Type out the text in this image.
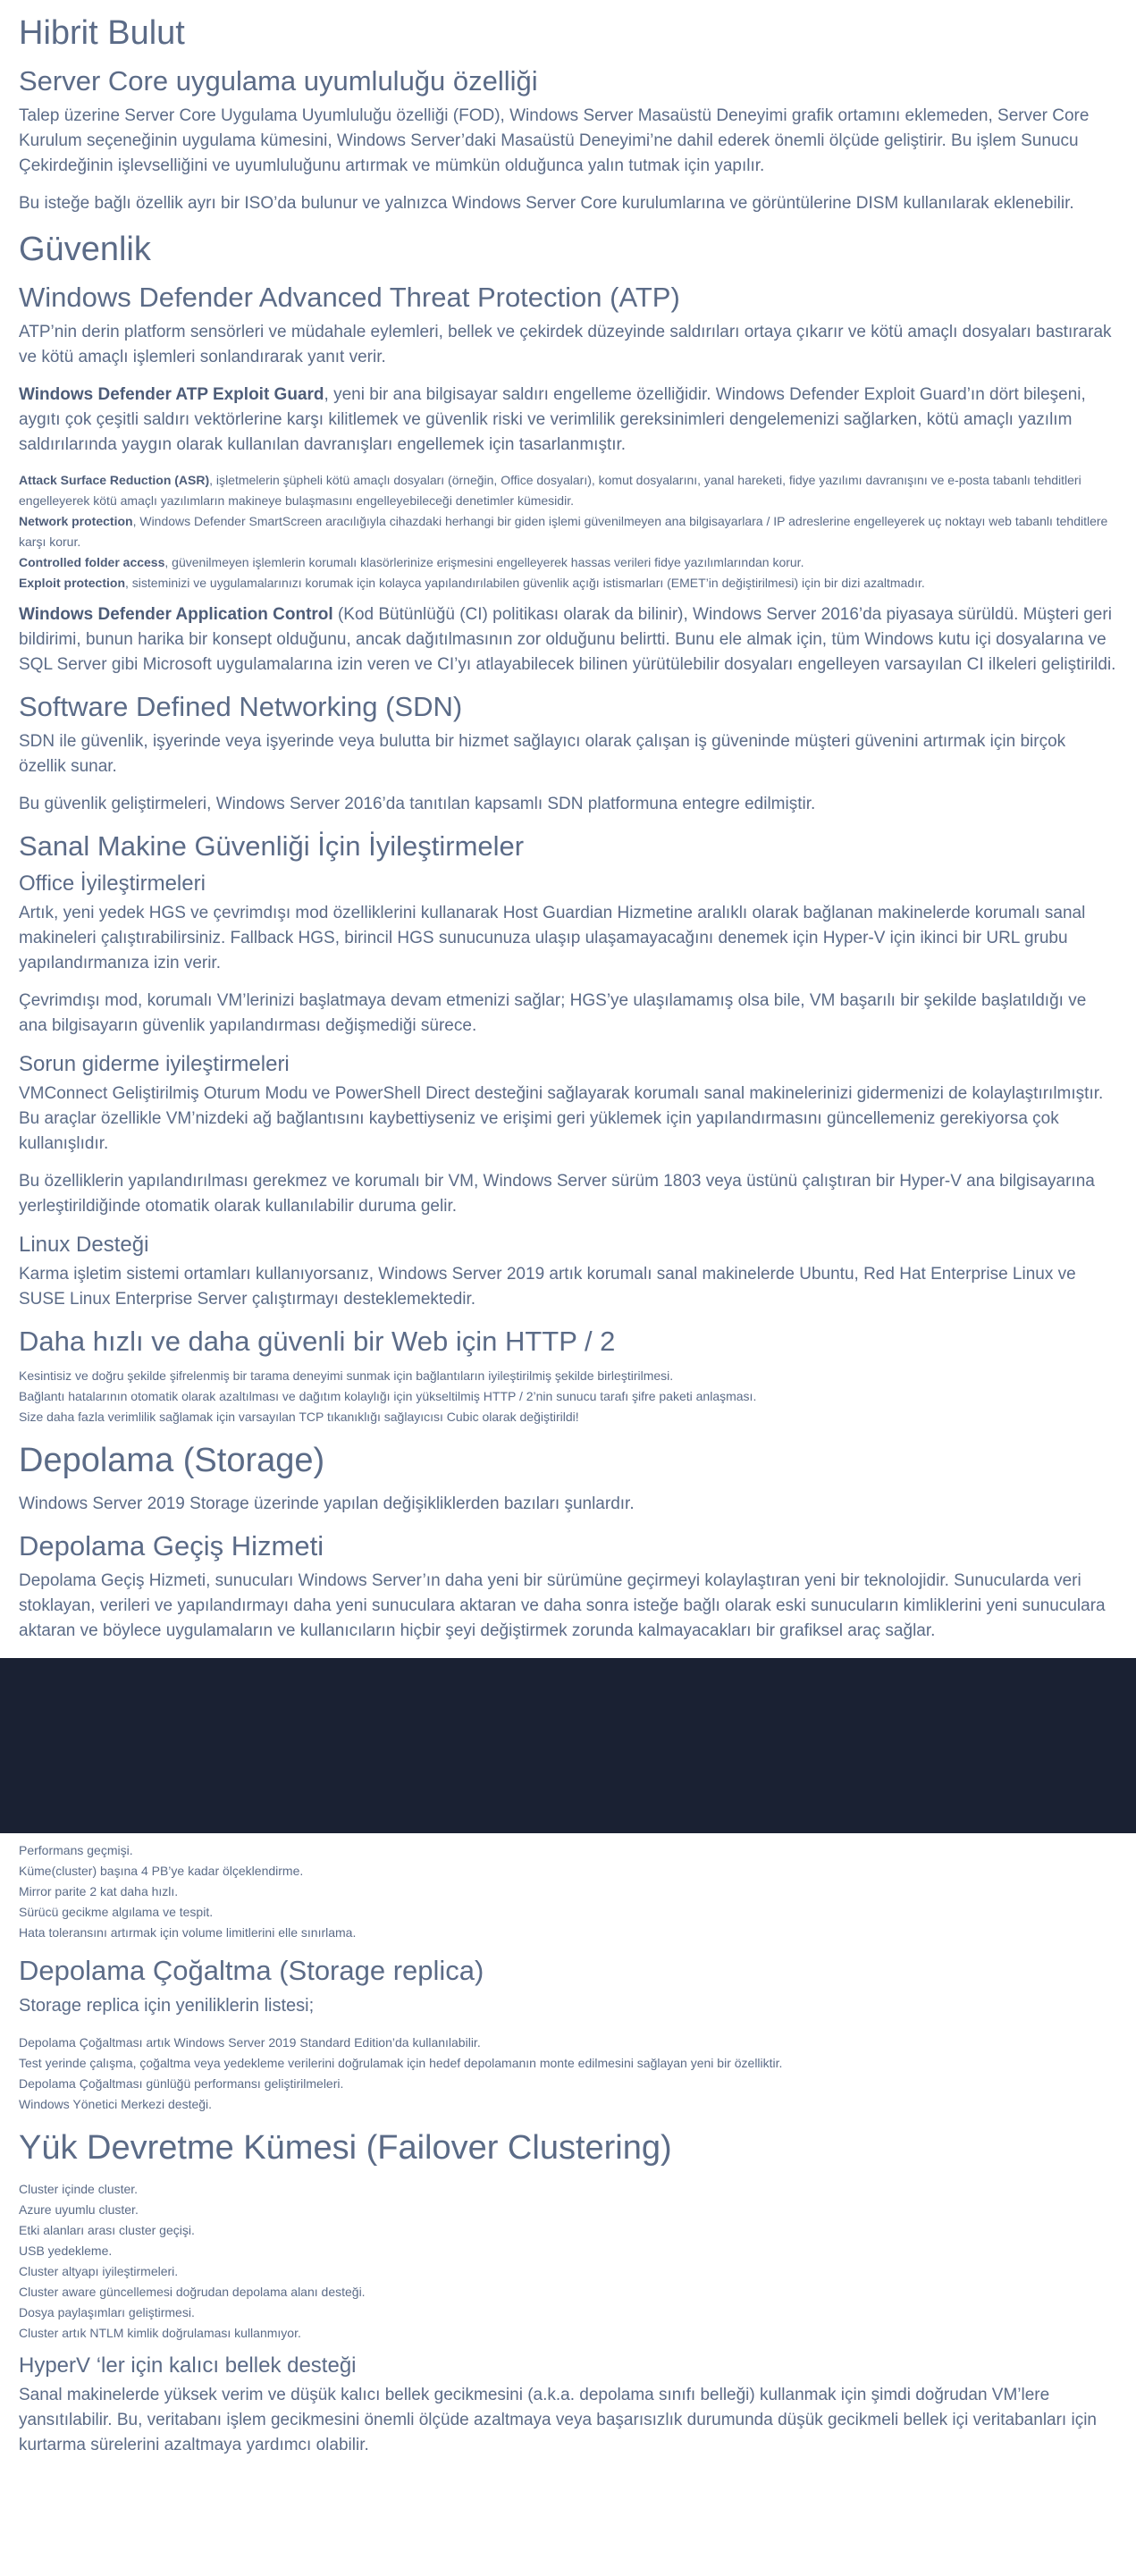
Hibrit Bulut
Server Core uygulama uyumluluğu özelliği

Talep üzerine Server Core Uygulama Uyumluluğu özelliği (FOD), Windows Server Masaüstü Deneyimi grafik ortamını eklemeden, Server Core Kurulum seçeneğinin uygulama kümesini, Windows Server’daki Masaüstü Deneyimi’ne dahil ederek önemli ölçüde geliştirir. Bu işlem Sunucu Çekirdeğinin işlevselliğini ve uyumluluğunu artırmak ve mümkün olduğunca yalın tutmak için yapılır.

Bu isteğe bağlı özellik ayrı bir ISO’da bulunur ve yalnızca Windows Server Core kurulumlarına ve görüntülerine DISM kullanılarak eklenebilir.

Güvenlik
Windows Defender Advanced Threat Protection (ATP)

ATP’nin derin platform sensörleri ve müdahale eylemleri, bellek ve çekirdek düzeyinde saldırıları ortaya çıkarır ve kötü amaçlı dosyaları bastırarak ve kötü amaçlı işlemleri sonlandırarak yanıt verir.

Windows Defender ATP Exploit Guard, yeni bir ana bilgisayar saldırı engelleme özelliğidir. Windows Defender Exploit Guard’ın dört bileşeni, aygıtı çok çeşitli saldırı vektörlerine karşı kilitlemek ve güvenlik riski ve verimlilik gereksinimleri dengelemenizi sağlarken, kötü amaçlı yazılım saldırılarında yaygın olarak kullanılan davranışları engellemek için tasarlanmıştır.

Attack Surface Reduction (ASR), işletmelerin şüpheli kötü amaçlı dosyaları (örneğin, Office dosyaları), komut dosyalarını, yanal hareketi, fidye yazılımı davranışını ve e-posta tabanlı tehditleri engelleyerek kötü amaçlı yazılımların makineye bulaşmasını engelleyebileceği denetimler kümesidir.
Network protection, Windows Defender SmartScreen aracılığıyla cihazdaki herhangi bir giden işlemi güvenilmeyen ana bilgisayarlara / IP adreslerine engelleyerek uç noktayı web tabanlı tehditlere karşı korur.
Controlled folder access, güvenilmeyen işlemlerin korumalı klasörlerinize erişmesini engelleyerek hassas verileri fidye yazılımlarından korur.
Exploit protection, sisteminizi ve uygulamalarınızı korumak için kolayca yapılandırılabilen güvenlik açığı istismarları (EMET’in değiştirilmesi) için bir dizi azaltmadır.

Windows Defender Application Control (Kod Bütünlüğü (CI) politikası olarak da bilinir), Windows Server 2016’da piyasaya sürüldü. Müşteri geri bildirimi, bunun harika bir konsept olduğunu, ancak dağıtılmasının zor olduğunu belirtti. Bunu ele almak için, tüm Windows kutu içi dosyalarına ve SQL Server gibi Microsoft uygulamalarına izin veren ve CI’yı atlayabilecek bilinen yürütülebilir dosyaları engelleyen varsayılan CI ilkeleri geliştirildi.

Software Defined Networking (SDN)

SDN ile güvenlik, işyerinde veya işyerinde veya bulutta bir hizmet sağlayıcı olarak çalışan iş güveninde müşteri güvenini artırmak için birçok özellik sunar.

Bu güvenlik geliştirmeleri, Windows Server 2016’da tanıtılan kapsamlı SDN platformuna entegre edilmiştir.

Sanal Makine Güvenliği İçin İyileştirmeler
Office İyileştirmeleri

Artık, yeni yedek HGS ve çevrimdışı mod özelliklerini kullanarak Host Guardian Hizmetine aralıklı olarak bağlanan makinelerde korumalı sanal makineleri çalıştırabilirsiniz. Fallback HGS, birincil HGS sunucunuza ulaşıp ulaşamayacağını denemek için Hyper-V için ikinci bir URL grubu yapılandırmanıza izin verir.

Çevrimdışı mod, korumalı VM’lerinizi başlatmaya devam etmenizi sağlar; HGS’ye ulaşılamamış olsa bile, VM başarılı bir şekilde başlatıldığı ve ana bilgisayarın güvenlik yapılandırması değişmediği sürece.

Sorun giderme iyileştirmeleri

VMConnect Geliştirilmiş Oturum Modu ve PowerShell Direct desteğini sağlayarak korumalı sanal makinelerinizi gidermenizi de kolaylaştırılmıştır. Bu araçlar özellikle VM’nizdeki ağ bağlantısını kaybettiyseniz ve erişimi geri yüklemek için yapılandırmasını güncellemeniz gerekiyorsa çok kullanışlıdır.

Bu özelliklerin yapılandırılması gerekmez ve korumalı bir VM, Windows Server sürüm 1803 veya üstünü çalıştıran bir Hyper-V ana bilgisayarına yerleştirildiğinde otomatik olarak kullanılabilir duruma gelir.

Linux Desteği

Karma işletim sistemi ortamları kullanıyorsanız, Windows Server 2019 artık korumalı sanal makinelerde Ubuntu, Red Hat Enterprise Linux ve SUSE Linux Enterprise Server çalıştırmayı desteklemektedir.

Daha hızlı ve daha güvenli bir Web için HTTP / 2
Kesintisiz ve doğru şekilde şifrelenmiş bir tarama deneyimi sunmak için bağlantıların iyileştirilmiş şekilde birleştirilmesi.
Bağlantı hatalarının otomatik olarak azaltılması ve dağıtım kolaylığı için yükseltilmiş HTTP / 2’nin sunucu tarafı şifre paketi anlaşması.
Size daha fazla verimlilik sağlamak için varsayılan TCP tıkanıklığı sağlayıcısı Cubic olarak değiştirildi!
Depolama (Storage)

Windows Server 2019 Storage üzerinde yapılan değişikliklerden bazıları şunlardır.

Depolama Geçiş Hizmeti

Depolama Geçiş Hizmeti, sunucuları Windows Server’ın daha yeni bir sürümüne geçirmeyi kolaylaştıran yeni bir teknolojidir. Sunucularda veri stoklayan, verileri ve yapılandırmayı daha yeni sunuculara aktaran ve daha sonra isteğe bağlı olarak eski sunucuların kimliklerini yeni sunuculara aktaran ve böylece uygulamaların ve kullanıcıların hiçbir şeyi değiştirmek zorunda kalmayacakları bir grafiksel araç sağlar.

Performans geçmişi.
Küme(cluster) başına 4 PB’ye kadar ölçeklendirme.
Mirror parite 2 kat daha hızlı.
Sürücü gecikme algılama ve tespit.
Hata toleransını artırmak için volume limitlerini elle sınırlama.
Depolama Çoğaltma (Storage replica)

Storage replica için yeniliklerin listesi;

Depolama Çoğaltması artık Windows Server 2019 Standard Edition’da kullanılabilir.
Test yerinde çalışma, çoğaltma veya yedekleme verilerini doğrulamak için hedef depolamanın monte edilmesini sağlayan yeni bir özelliktir.
Depolama Çoğaltması günlüğü performansı geliştirilmeleri.
Windows Yönetici Merkezi desteği.
Yük Devretme Kümesi (Failover Clustering)
Cluster içinde cluster.
Azure uyumlu cluster.
Etki alanları arası cluster geçişi.
USB yedekleme.
Cluster altyapı iyileştirmeleri.
Cluster aware güncellemesi doğrudan depolama alanı desteği.
Dosya paylaşımları geliştirmesi.
Cluster artık NTLM kimlik doğrulaması kullanmıyor.
HyperV ‘ler için kalıcı bellek desteği

Sanal makinelerde yüksek verim ve düşük kalıcı bellek gecikmesini (a.k.a. depolama sınıfı belleği) kullanmak için şimdi doğrudan VM’lere yansıtılabilir. Bu, veritabanı işlem gecikmesini önemli ölçüde azaltmaya veya başarısızlık durumunda düşük gecikmeli bellek içi veritabanları için kurtarma sürelerini azaltmaya yardımcı olabilir.
